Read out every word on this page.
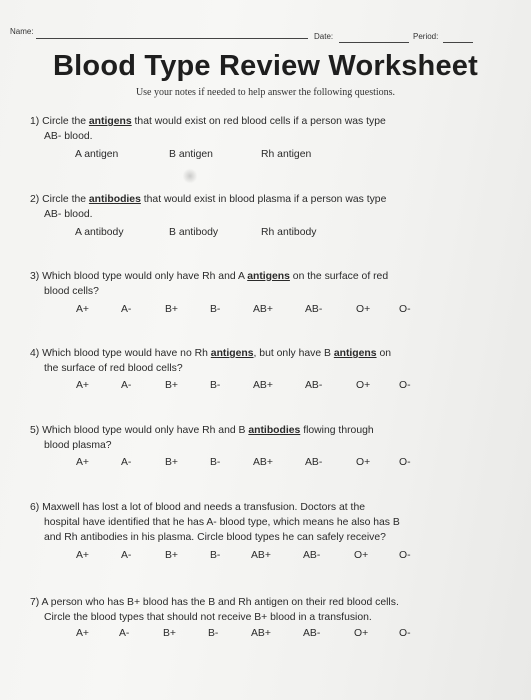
Name:
Date:	Period:
Blood Type Review Worksheet
Use your notes if needed to help answer the following questions.
1) Circle the antigens that would exist on red blood cells if a person was type
AB- blood.
A antigen	B antigen	Rh antigen
2) Circle the antibodies that would exist in blood plasma if a person was type
AB- blood.
A antibody	B antibody	Rh antibody
3) Which blood type would only have Rh and A antigens on the surface of red
blood cells?
A+	A-	B+	B-	AB+	AB-	O+	O-
4) Which blood type would have no Rh antigens, but only have B antigens on
the surface of red blood cells?
A+	A-	B+	B-	AB+	AB-	O+	O-
5) Which blood type would only have Rh and B antibodies flowing through
blood plasma?
A+	A-	B+	B-	AB+	AB-	O+	O-
6) Maxwell has lost a lot of blood and needs a transfusion. Doctors at the
hospital have identified that he has A- blood type, which means he also has B
and Rh antibodies in his plasma. Circle blood types he can safely receive?
A+	A-	B+	B-	AB+	AB-	O+	O-
7) A person who has B+ blood has the B and Rh antigen on their red blood cells.
Circle the blood types that should not receive B+ blood in a transfusion.
A+	A-	B+	B-	AB+	AB-	O+	O-
